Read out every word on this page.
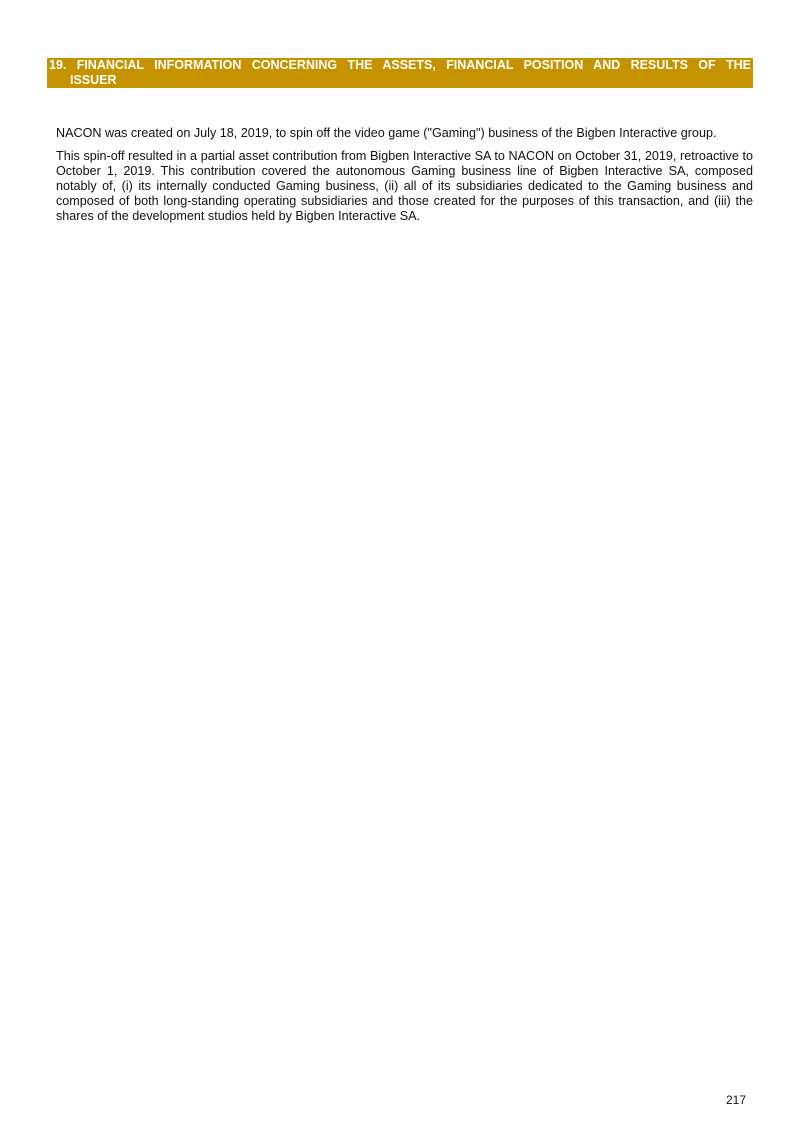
19. FINANCIAL INFORMATION CONCERNING THE ASSETS, FINANCIAL POSITION AND RESULTS OF THE
ISSUER

NACON was created on July 18, 2019, to spin off the video game ("Gaming") business of the Bigben Interactive group.

This spin-off resulted in a partial asset contribution from Bigben Interactive SA to NACON on October 31, 2019, retroactive to October 1, 2019. This contribution covered the autonomous Gaming business line of Bigben Interactive SA, composed notably of, (i) its internally conducted Gaming business, (ii) all of its subsidiaries dedicated to the Gaming business and composed of both long-standing operating subsidiaries and those created for the purposes of this transaction, and (iii) the shares of the development studios held by Bigben Interactive SA.

217
